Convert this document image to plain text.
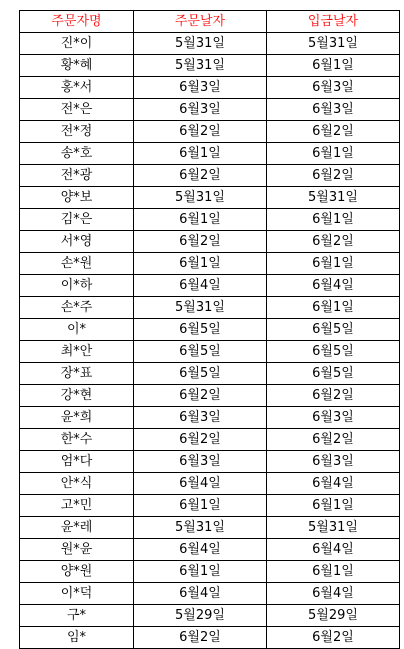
주문자명	주문날자	입금날자
진*이	5월31일	5월31일
황*혜	5월31일	6월1일
홍*서	6월3일	6월3일
전*은	6월3일	6월3일
전*정	6월2일	6월2일
송*호	6월1일	6월1일
전*광	6월2일	6월2일
양*보	5월31일	5월31일
김*은	6월1일	6월1일
서*영	6월2일	6월2일
손*원	6월1일	6월1일
이*하	6월4일	6월4일
손*주	5월31일	6월1일
이*	6월5일	6월5일
최*안	6월5일	6월5일
장*표	6월5일	6월5일
강*현	6월2일	6월2일
윤*희	6월3일	6월3일
한*수	6월2일	6월2일
엄*다	6월3일	6월3일
안*식	6월4일	6월4일
고*민	6월1일	6월1일
윤*레	5월31일	5월31일
원*윤	6월4일	6월4일
양*원	6월1일	6월1일
이*덕	6월4일	6월4일
구*	5월29일	5월29일
임*	6월2일	6월2일
